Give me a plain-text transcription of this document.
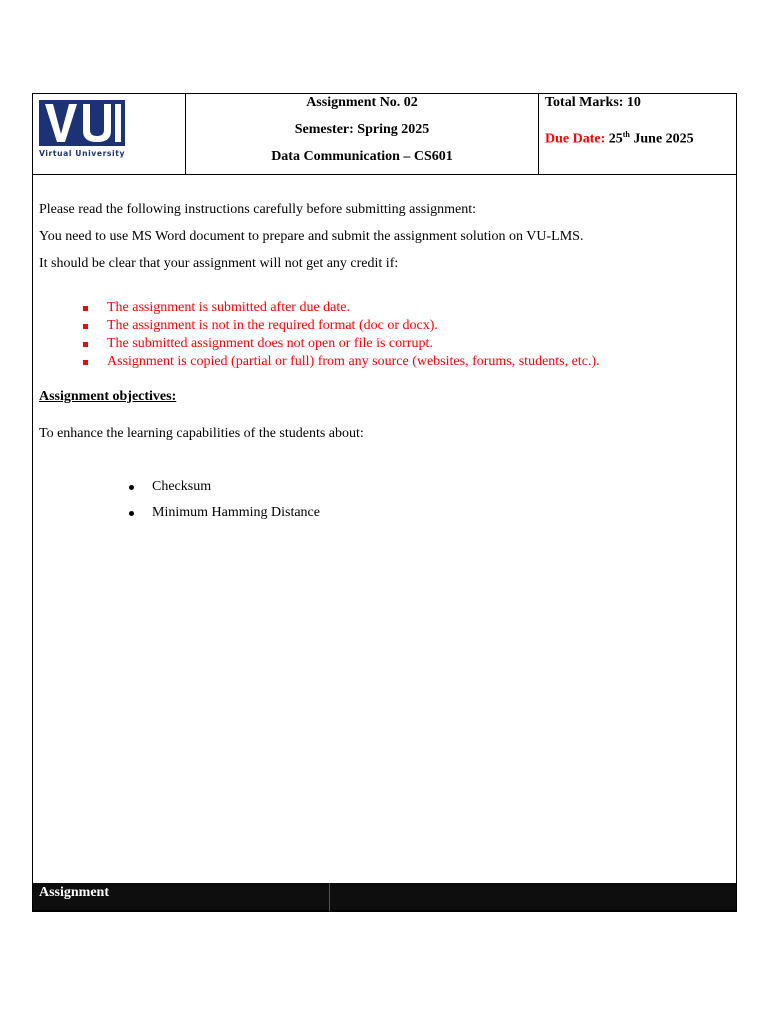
Virtual University
Assignment No. 02
Semester: Spring 2025
Data Communication – CS601
Total Marks: 10
Due Date: 25th June 2025
Please read the following instructions carefully before submitting assignment:
You need to use MS Word document to prepare and submit the assignment solution on VU-LMS.
It should be clear that your assignment will not get any credit if:
The assignment is submitted after due date.
The assignment is not in the required format (doc or docx).
The submitted assignment does not open or file is corrupt.
Assignment is copied (partial or full) from any source (websites, forums, students, etc.).
Assignment objectives:
To enhance the learning capabilities of the students about:
Checksum
Minimum Hamming Distance
Assignment
